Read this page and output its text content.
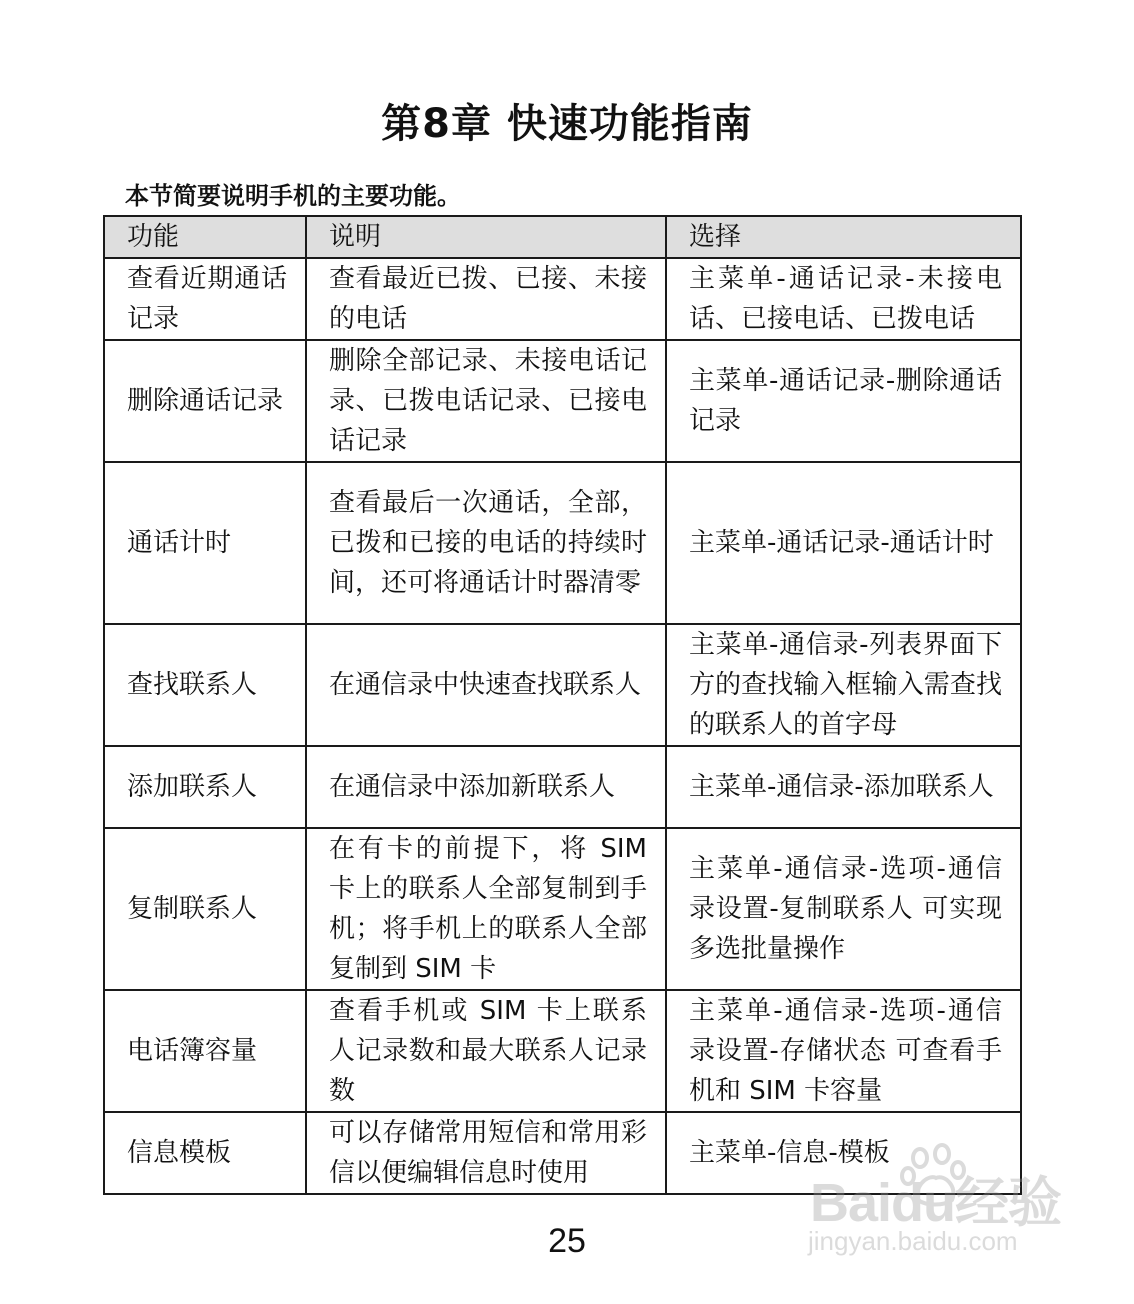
第8章 快速功能指南
本节简要说明手机的主要功能。
功能	说明	选择
查看近期通话记录	查看最近已拨、已接、未接的电话	主菜单-通话记录-未接电话、已接电话、已拨电话
删除通话记录	删除全部记录、未接电话记录、已拨电话记录、已接电话记录	主菜单-通话记录-删除通话记录
通话计时	查看最后一次通话，全部，已拨和已接的电话的持续时间，还可将通话计时器清零	主菜单-通话记录-通话计时
查找联系人	在通信录中快速查找联系人	主菜单-通信录-列表界面下方的查找输入框输入需查找的联系人的首字母
添加联系人	在通信录中添加新联系人	主菜单-通信录-添加联系人
复制联系人	在有卡的前提下，将 SIM 卡上的联系人全部复制到手机；将手机上的联系人全部复制到 SIM 卡	主菜单-通信录-选项-通信录设置-复制联系人 可实现多选批量操作
电话簿容量	查看手机或 SIM 卡上联系人记录数和最大联系人记录数	主菜单-通信录-选项-通信录设置-存储状态 可查看手机和 SIM 卡容量
信息模板	可以存储常用短信和常用彩信以便编辑信息时使用	主菜单-信息-模板
25
Baidu经验
jingyan.baidu.com
